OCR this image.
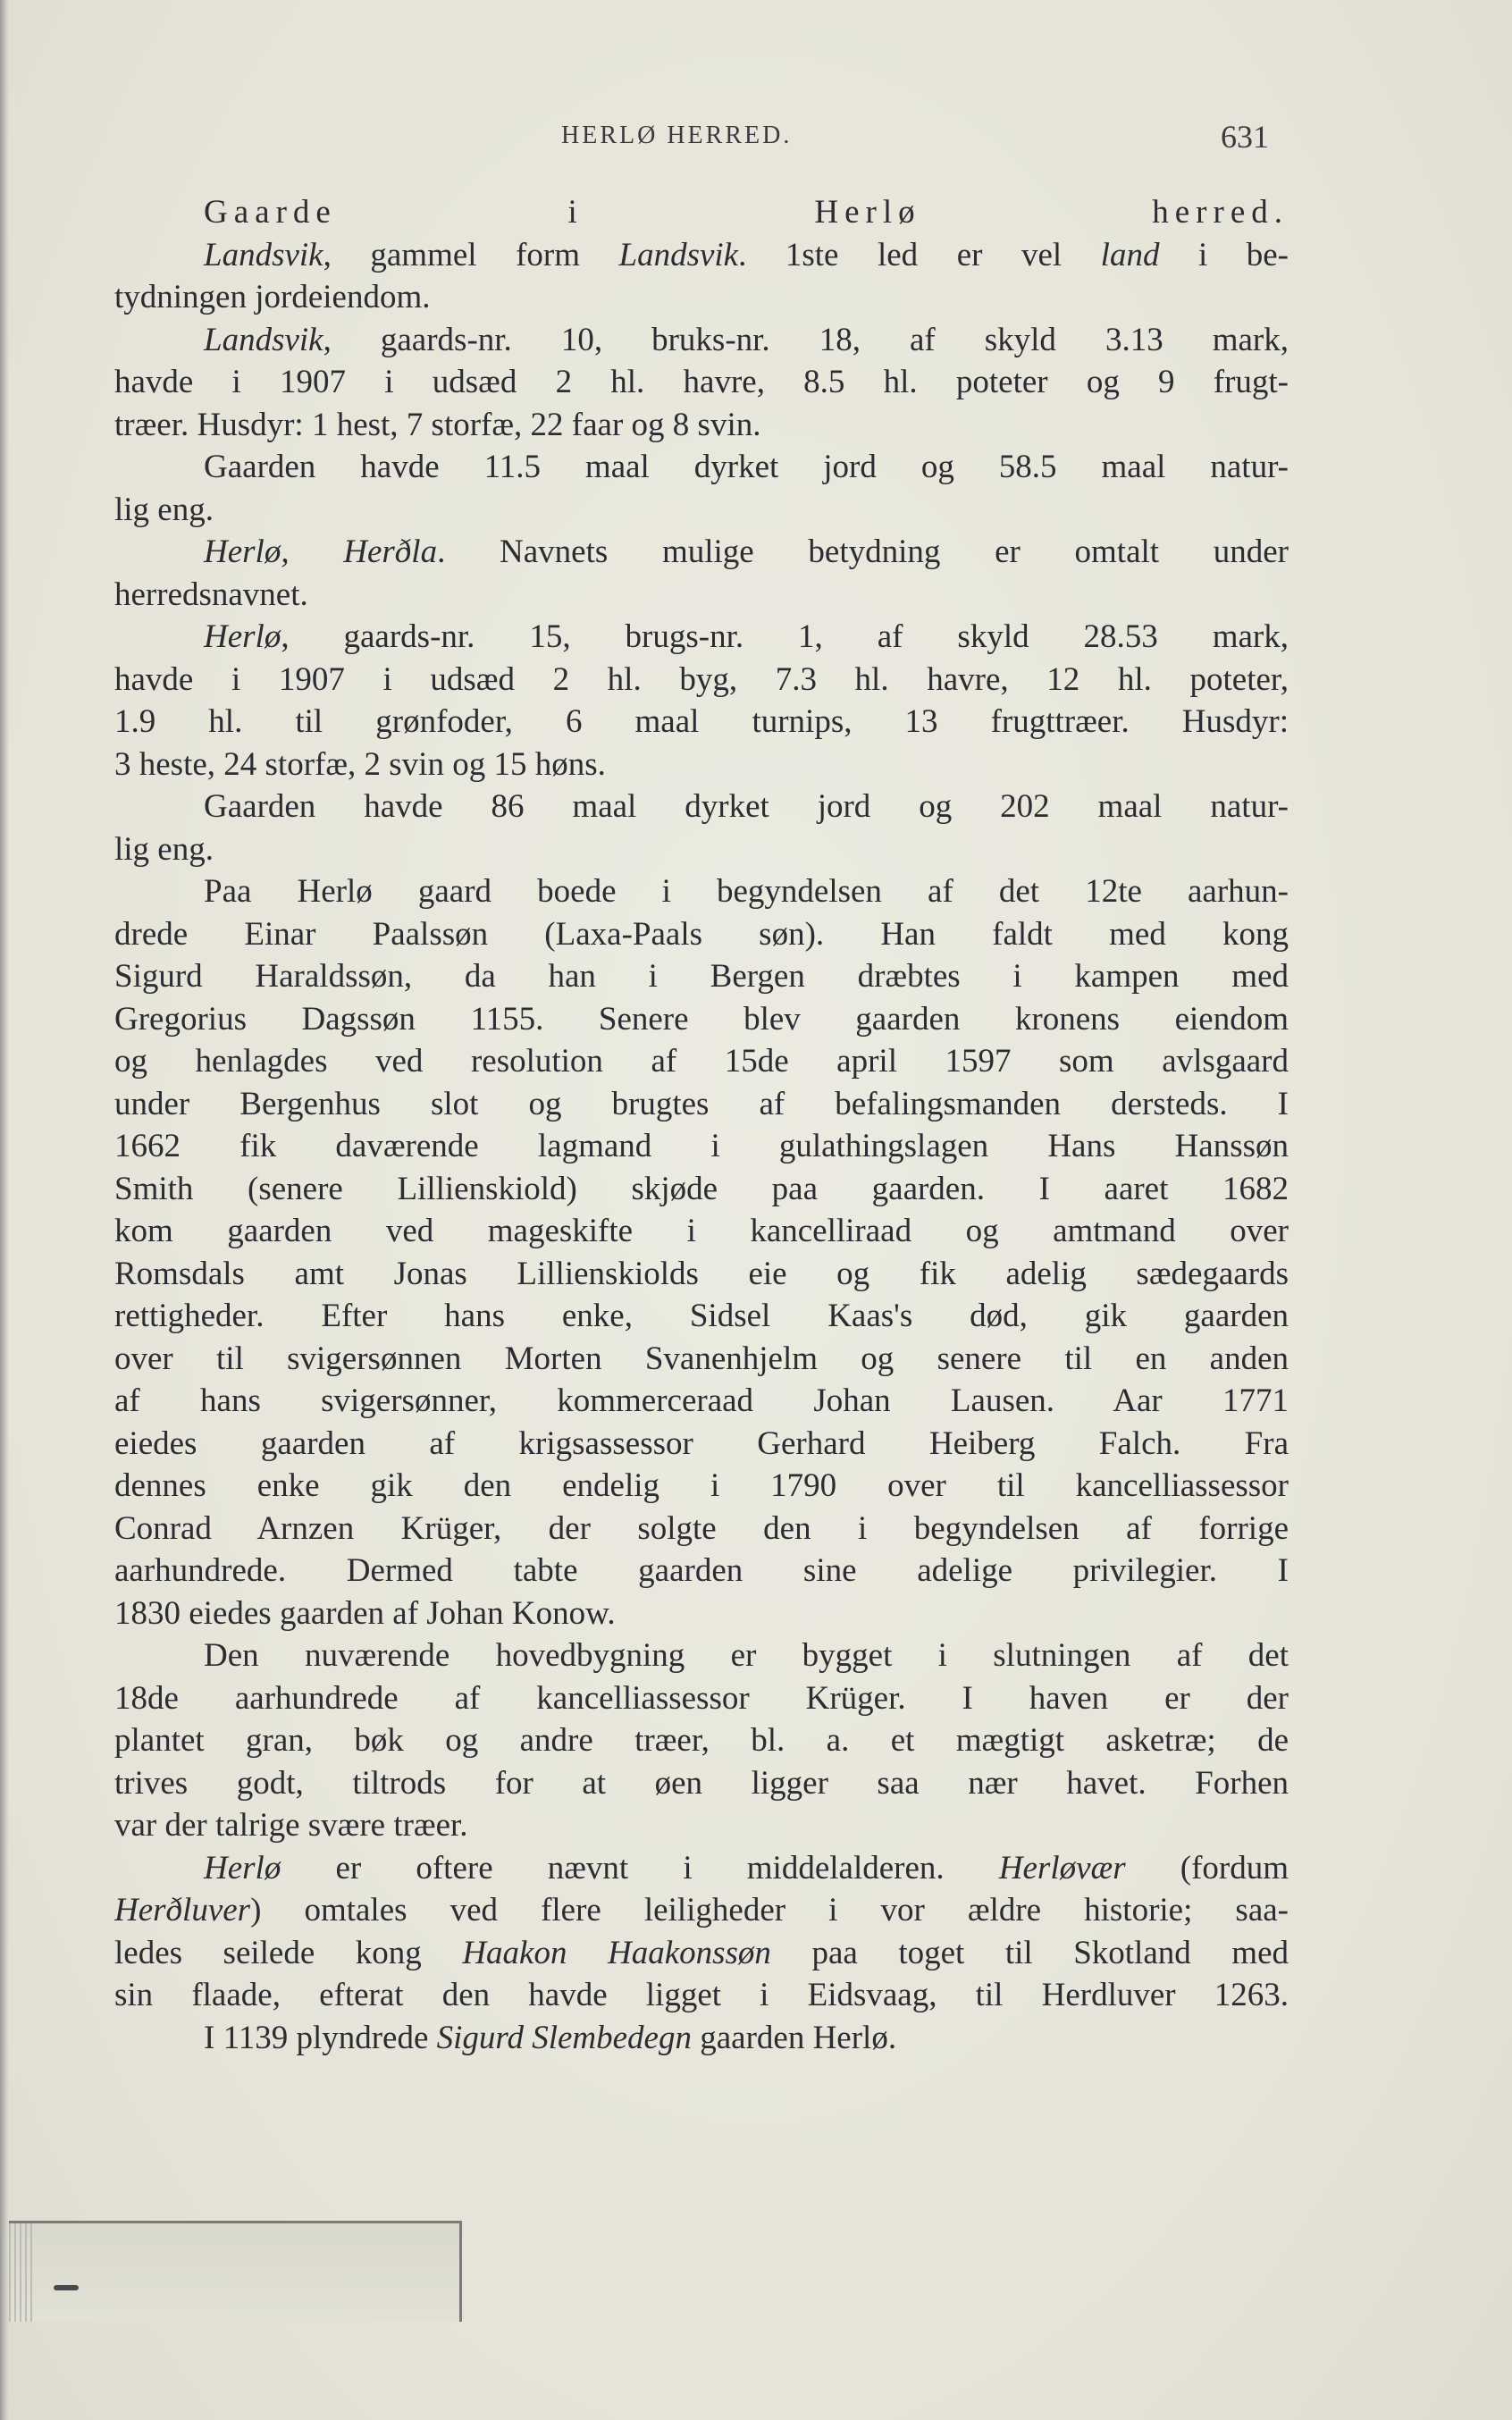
HERLØ HERRED.	631
Gaarde i Herlø herred.
Landsvik, gammel form Landsvik. 1ste led er vel land i be-
tydningen jordeiendom.
Landsvik, gaards-nr. 10, bruks-nr. 18, af skyld 3.13 mark,
havde i 1907 i udsæd 2 hl. havre, 8.5 hl. poteter og 9 frugt-
træer. Husdyr: 1 hest, 7 storfæ, 22 faar og 8 svin.
Gaarden havde 11.5 maal dyrket jord og 58.5 maal natur-
lig eng.
Herlø, Herðla. Navnets mulige betydning er omtalt under
herredsnavnet.
Herlø, gaards-nr. 15, brugs-nr. 1, af skyld 28.53 mark,
havde i 1907 i udsæd 2 hl. byg, 7.3 hl. havre, 12 hl. poteter,
1.9 hl. til grønfoder, 6 maal turnips, 13 frugttræer. Husdyr:
3 heste, 24 storfæ, 2 svin og 15 høns.
Gaarden havde 86 maal dyrket jord og 202 maal natur-
lig eng.
Paa Herlø gaard boede i begyndelsen af det 12te aarhun-
drede Einar Paalssøn (Laxa-Paals søn). Han faldt med kong
Sigurd Haraldssøn, da han i Bergen dræbtes i kampen med
Gregorius Dagssøn 1155. Senere blev gaarden kronens eiendom
og henlagdes ved resolution af 15de april 1597 som avlsgaard
under Bergenhus slot og brugtes af befalingsmanden dersteds. I
1662 fik daværende lagmand i gulathingslagen Hans Hanssøn
Smith (senere Lillienskiold) skjøde paa gaarden. I aaret 1682
kom gaarden ved mageskifte i kancelliraad og amtmand over
Romsdals amt Jonas Lillienskiolds eie og fik adelig sædegaards
rettigheder. Efter hans enke, Sidsel Kaas's død, gik gaarden
over til svigersønnen Morten Svanenhjelm og senere til en anden
af hans svigersønner, kommerceraad Johan Lausen. Aar 1771
eiedes gaarden af krigsassessor Gerhard Heiberg Falch. Fra
dennes enke gik den endelig i 1790 over til kancelliassessor
Conrad Arnzen Krüger, der solgte den i begyndelsen af forrige
aarhundrede. Dermed tabte gaarden sine adelige privilegier. I
1830 eiedes gaarden af Johan Konow.
Den nuværende hovedbygning er bygget i slutningen af det
18de aarhundrede af kancelliassessor Krüger. I haven er der
plantet gran, bøk og andre træer, bl. a. et mægtigt asketræ; de
trives godt, tiltrods for at øen ligger saa nær havet. Forhen
var der talrige svære træer.
Herlø er oftere nævnt i middelalderen. Herløvær (fordum
Herðluver) omtales ved flere leiligheder i vor ældre historie; saa-
ledes seilede kong Haakon Haakonssøn paa toget til Skotland med
sin flaade, efterat den havde ligget i Eidsvaag, til Herdluver 1263.
I 1139 plyndrede Sigurd Slembedegn gaarden Herlø.
